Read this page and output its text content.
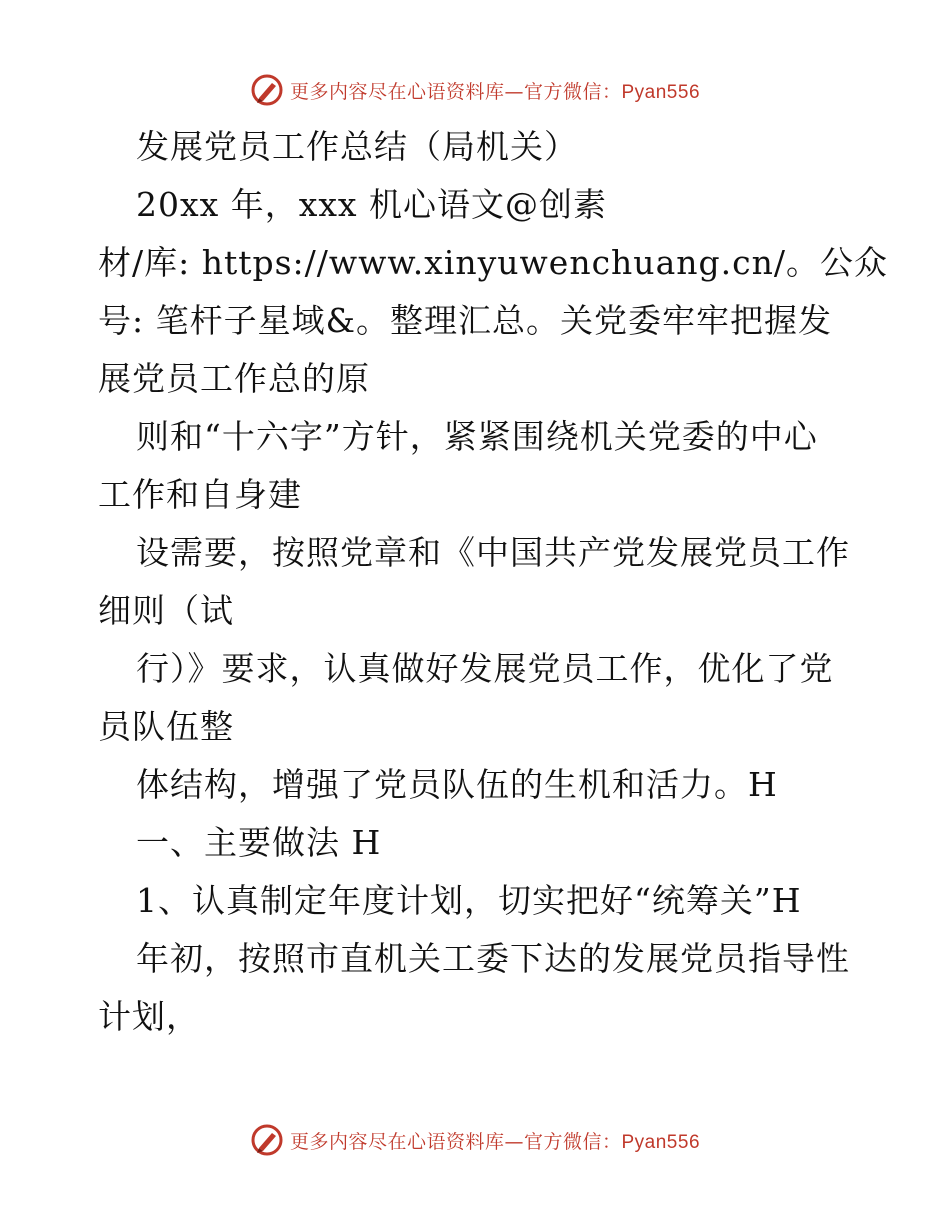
更多内容尽在心语资料库—官方微信：Pyan556
发展党员工作总结（局机关）
20xx 年，xxx 机心语文@创素
材/库: https://www.xinyuwenchuang.cn/。公众
号: 笔杆子星域&。整理汇总。关党委牢牢把握发
展党员工作总的原
则和“十六字”方针，紧紧围绕机关党委的中心
工作和自身建
设需要，按照党章和《中国共产党发展党员工作
细则（试
行）》要求，认真做好发展党员工作，优化了党
员队伍整
体结构，增强了党员队伍的生机和活力。H
一、主要做法 H
1、认真制定年度计划，切实把好“统筹关”H
年初，按照市直机关工委下达的发展党员指导性
计划，
更多内容尽在心语资料库—官方微信：Pyan556
